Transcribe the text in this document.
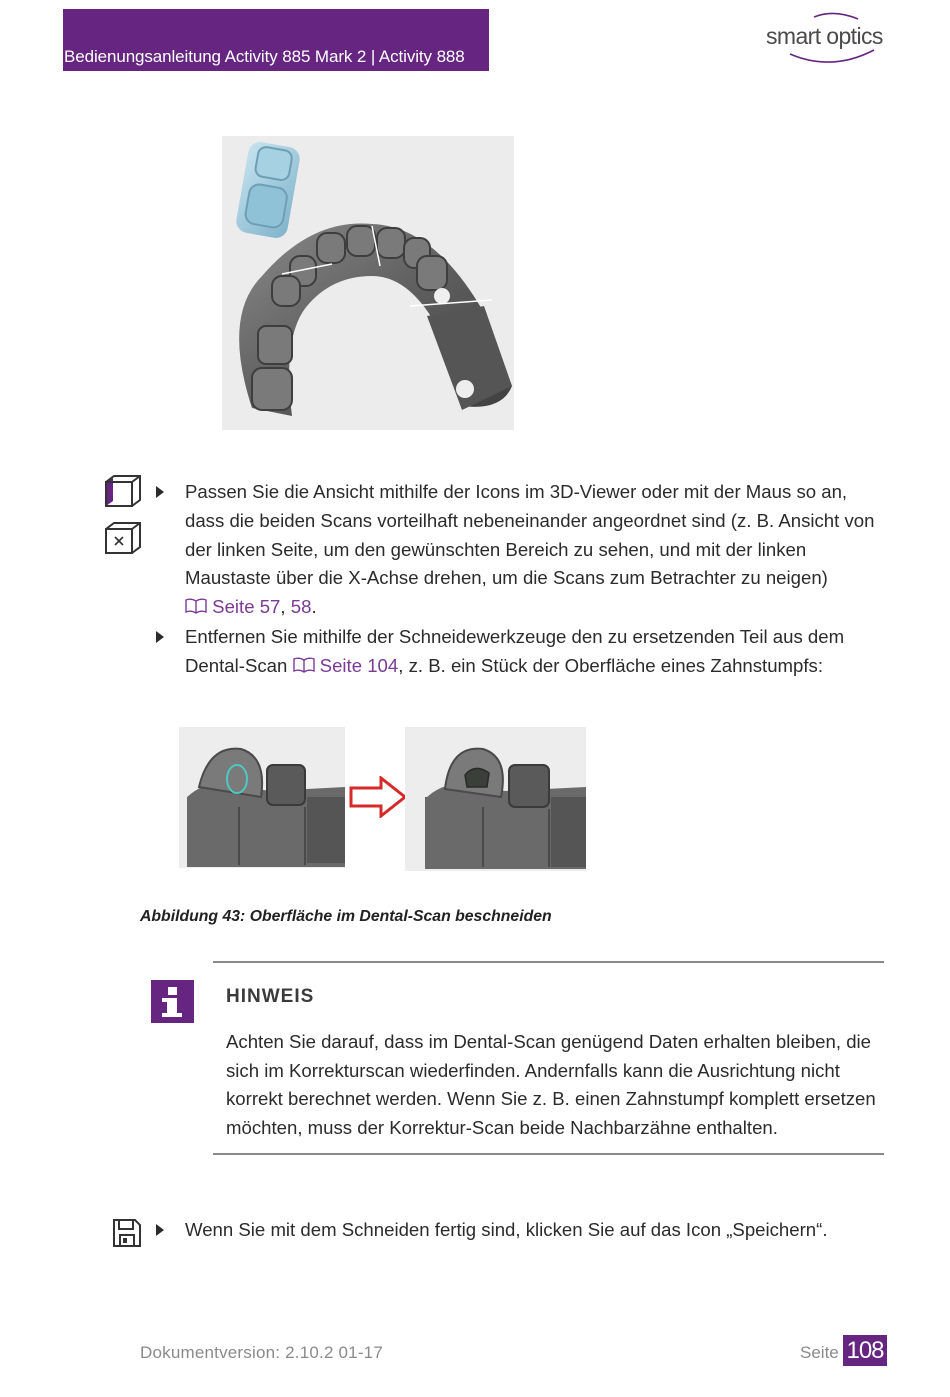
Bedienungsanleitung Activity 885 Mark 2 | Activity 888
smart optics
Passen Sie die Ansicht mithilfe der Icons im 3D-Viewer oder mit der Maus so an, dass die beiden Scans vorteilhaft nebeneinander angeordnet sind (z. B. Ansicht von der linken Seite, um den gewünschten Bereich zu sehen, und mit der linken Maustaste über die X-Achse drehen, um die Scans zum Betrachter zu neigen)
Seite 57, 58.
Entfernen Sie mithilfe der Schneidewerkzeuge den zu ersetzenden Teil aus dem Dental-Scan Seite 104, z. B. ein Stück der Oberfläche eines Zahnstumpfs:
Abbildung 43: Oberfläche im Dental-Scan beschneiden
HINWEIS
Achten Sie darauf, dass im Dental-Scan genügend Daten erhalten bleiben, die sich im Korrekturscan wiederfinden. Andernfalls kann die Ausrichtung nicht korrekt berechnet werden. Wenn Sie z. B. einen Zahnstumpf komplett ersetzen möchten, muss der Korrektur-Scan beide Nachbarzähne enthalten.
Wenn Sie mit dem Schneiden fertig sind, klicken Sie auf das Icon „Speichern“.
Dokumentversion: 2.10.2 01-17	Seite 108
